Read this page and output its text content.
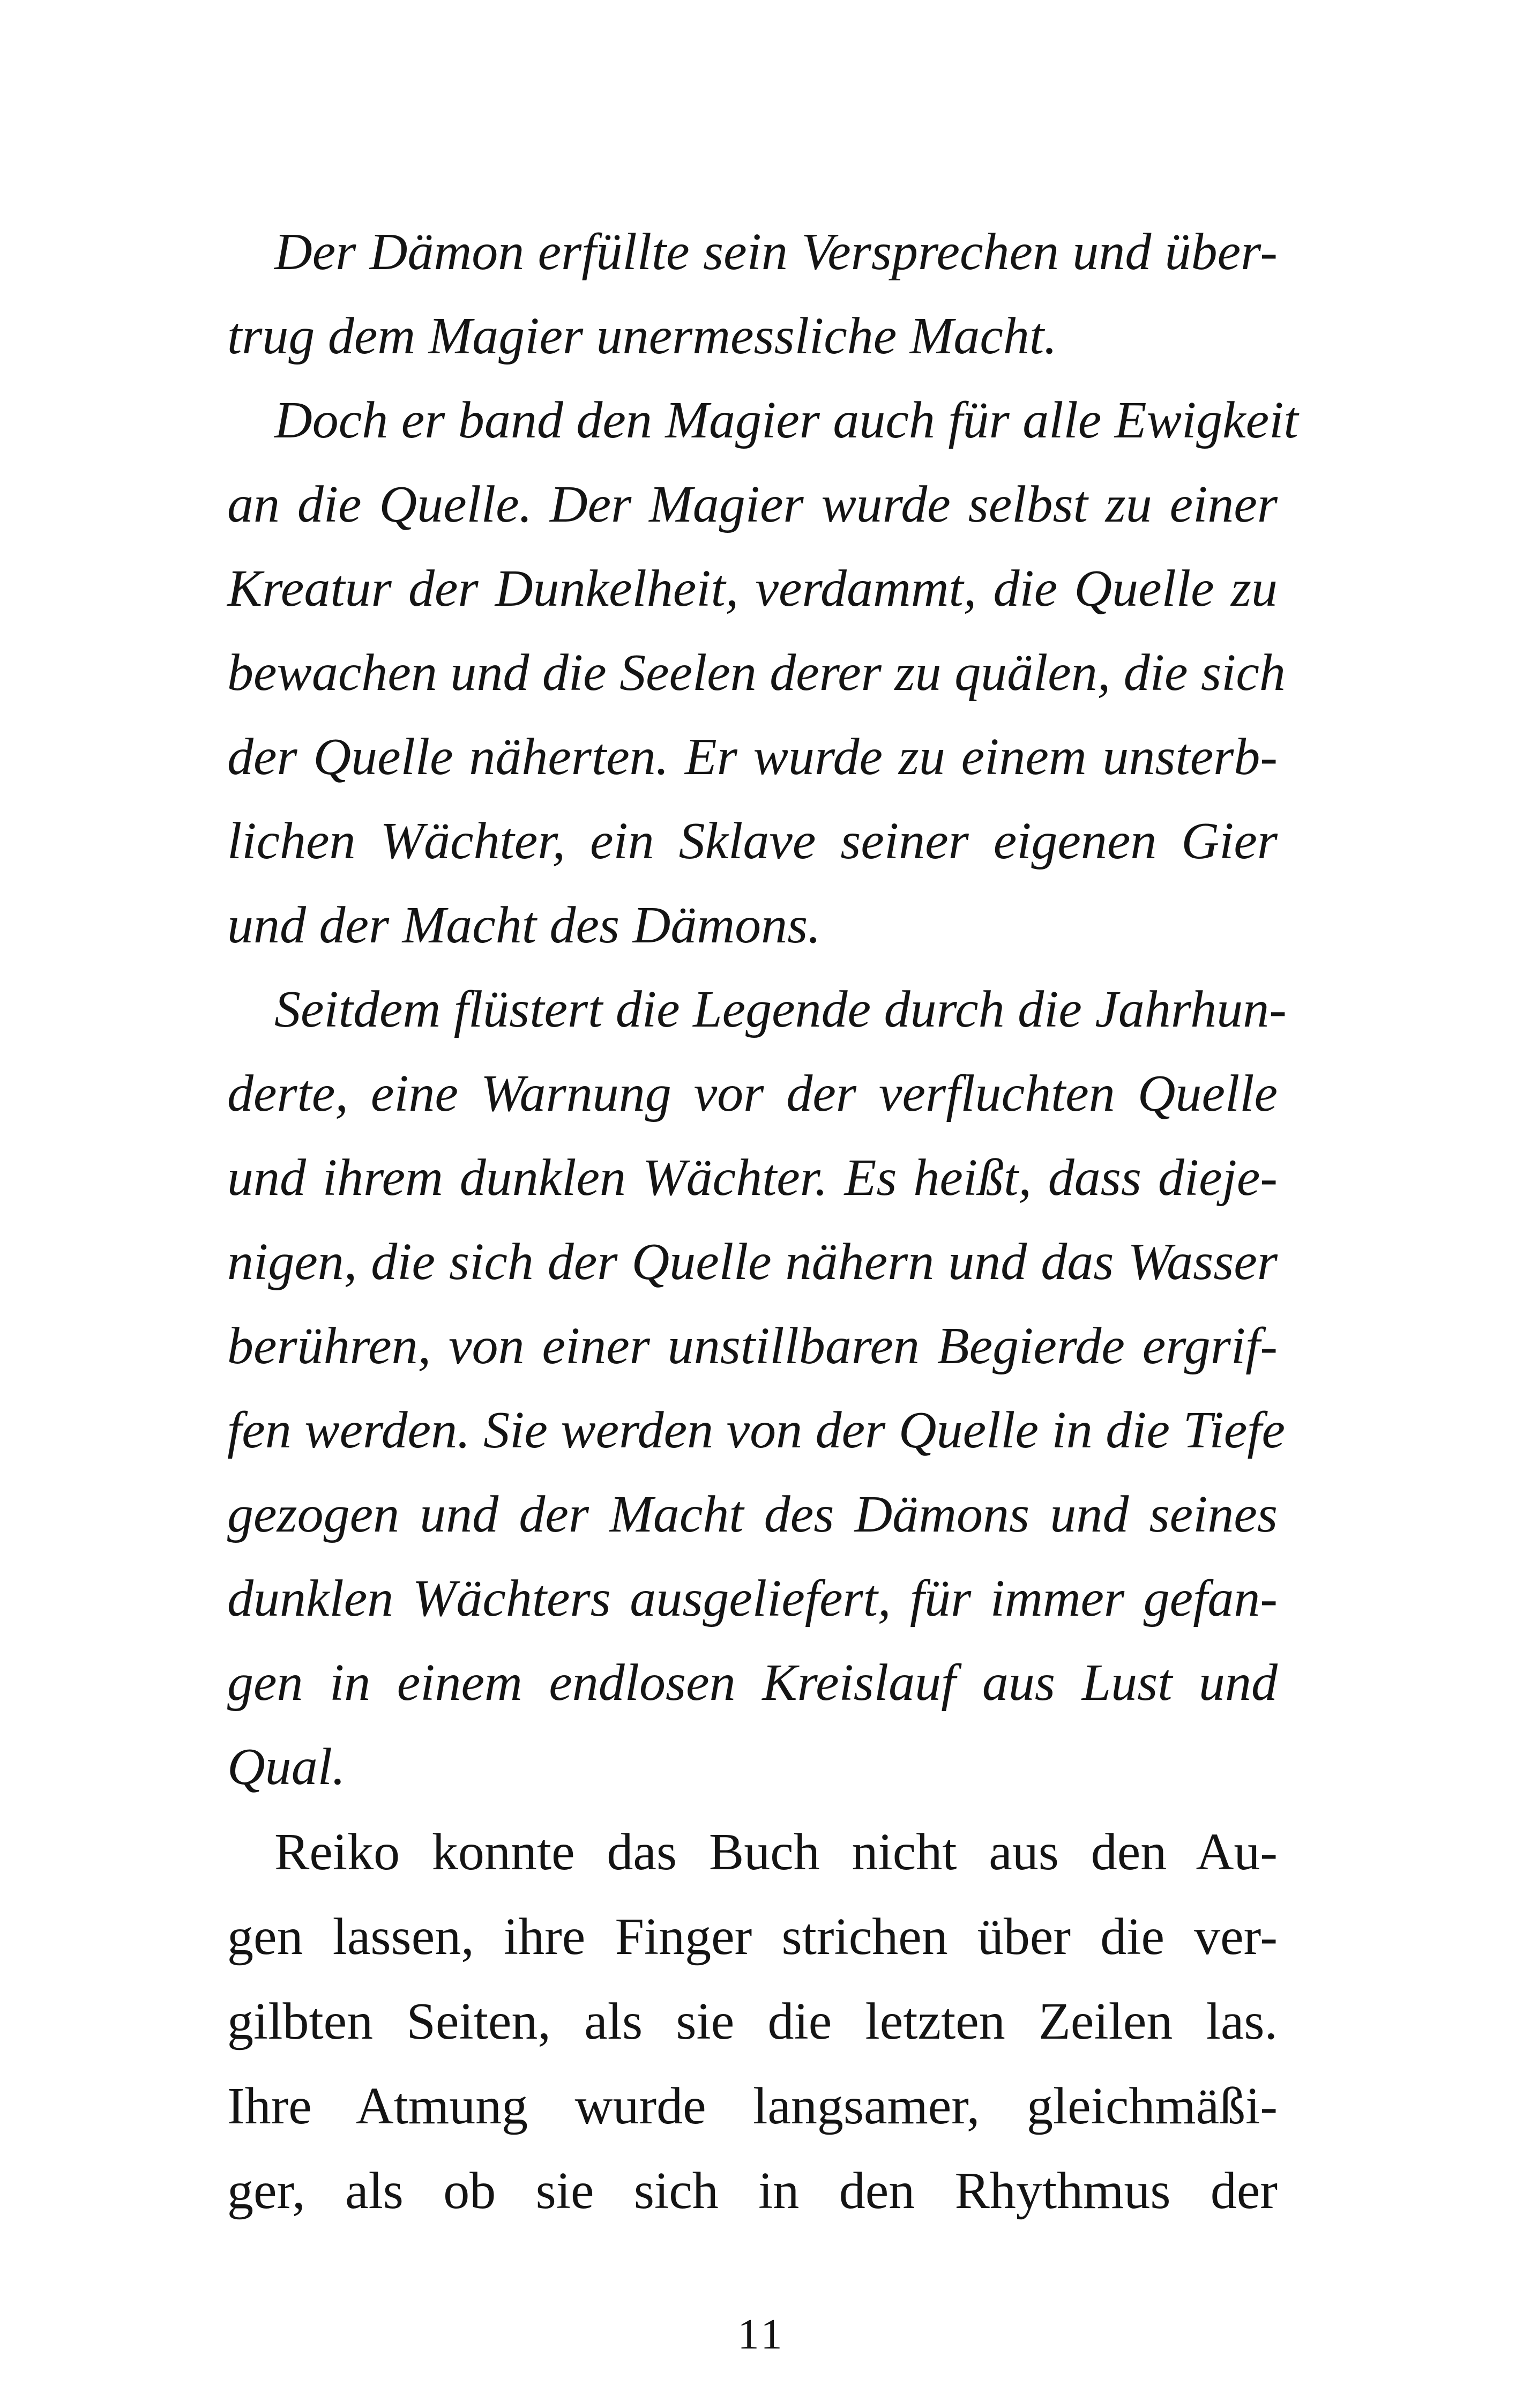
Der Dämon erfüllte sein Versprechen und über-
trug dem Magier unermessliche Macht.
Doch er band den Magier auch für alle Ewigkeit
an die Quelle. Der Magier wurde selbst zu einer
Kreatur der Dunkelheit, verdammt, die Quelle zu
bewachen und die Seelen derer zu quälen, die sich
der Quelle näherten. Er wurde zu einem unsterb-
lichen Wächter, ein Sklave seiner eigenen Gier
und der Macht des Dämons.
Seitdem flüstert die Legende durch die Jahrhun-
derte, eine Warnung vor der verfluchten Quelle
und ihrem dunklen Wächter. Es heißt, dass dieje-
nigen, die sich der Quelle nähern und das Wasser
berühren, von einer unstillbaren Begierde ergrif-
fen werden. Sie werden von der Quelle in die Tiefe
gezogen und der Macht des Dämons und seines
dunklen Wächters ausgeliefert, für immer gefan-
gen in einem endlosen Kreislauf aus Lust und
Qual.
Reiko konnte das Buch nicht aus den Au-
gen lassen, ihre Finger strichen über die ver-
gilbten Seiten, als sie die letzten Zeilen las.
Ihre Atmung wurde langsamer, gleichmäßi-
ger, als ob sie sich in den Rhythmus der
11
